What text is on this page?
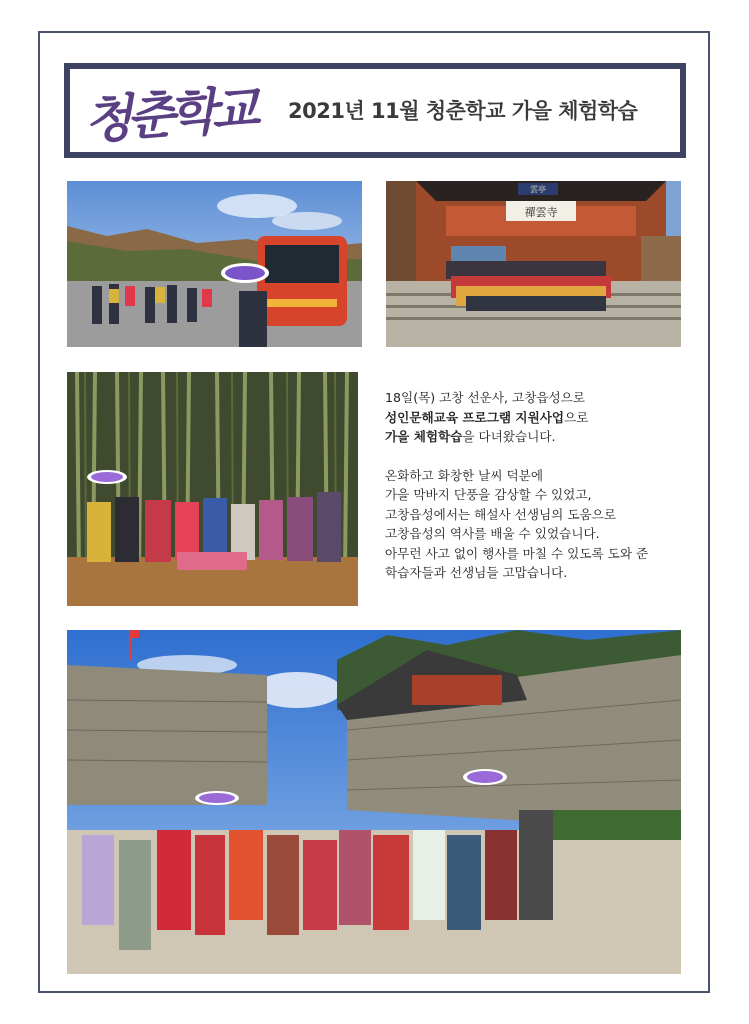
청춘학교 2021년 11월 청춘학교 가을 체험학습
禪雲寺
雲亭

18일(목) 고창 선운사, 고창읍성으로

성인문해교육 프로그램 지원사업으로

가을 체험학습을 다녀왔습니다.

온화하고 화창한 날씨 덕분에

가을 막바지 단풍을 감상할 수 있었고,

고창읍성에서는 해설사 선생님의 도움으로

고창읍성의 역사를 배울 수 있었습니다.

아무런 사고 없이 행사를 마칠 수 있도록 도와 준

학습자들과 선생님들 고맙습니다.
